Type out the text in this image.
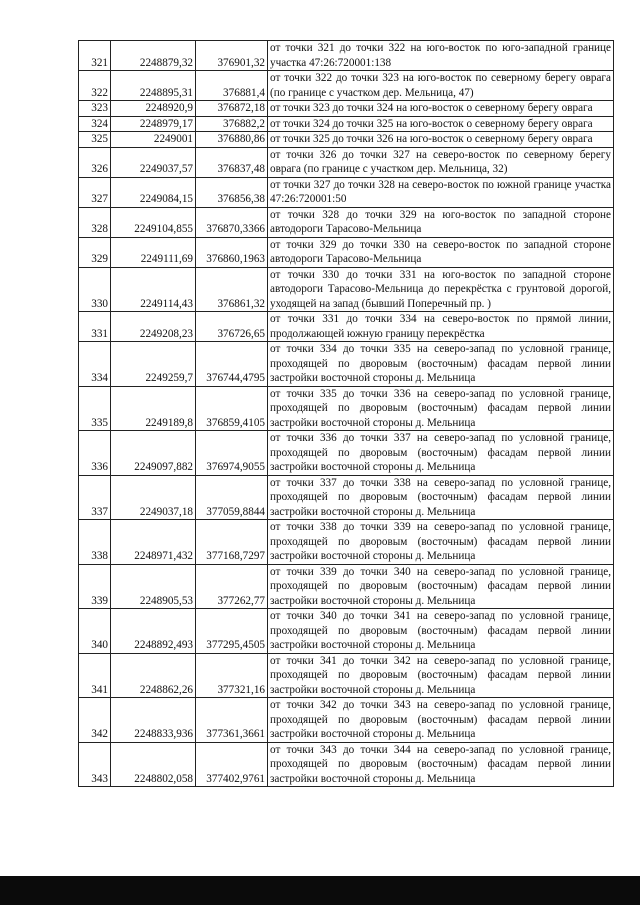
321	2248879,32	376901,32	от точки 321 до точки 322 на юго-восток по юго-западной границе участка 47:26:720001:138
322	2248895,31	376881,4	от точки 322 до точки 323 на юго-восток по северному берегу оврага (по границе с участком дер. Мельница, 47)
323	2248920,9	376872,18	от точки 323 до точки 324 на юго-восток о северному берегу оврага
324	2248979,17	376882,2	от точки 324 до точки 325 на юго-восток о северному берегу оврага
325	2249001	376880,86	от точки 325 до точки 326 на юго-восток о северному берегу оврага
326	2249037,57	376837,48	от точки 326 до точки 327 на северо-восток по северному берегу оврага (по границе с участком дер. Мельница, 32)
327	2249084,15	376856,38	от точки 327 до точки 328 на северо-восток по южной границе участка 47:26:720001:50
328	2249104,855	376870,3366	от точки 328 до точки 329 на юго-восток по западной стороне автодороги Тарасово-Мельница
329	2249111,69	376860,1963	от точки 329 до точки 330 на северо-восток по западной стороне автодороги Тарасово-Мельница
330	2249114,43	376861,32	от точки 330 до точки 331 на юго-восток по западной стороне автодороги Тарасово-Мельница до перекрёстка с грунтовой дорогой, уходящей на запад (бывший Поперечный пр. )
331	2249208,23	376726,65	от точки 331 до точки 334 на северо-восток по прямой линии, продолжающей южную границу перекрёстка
334	2249259,7	376744,4795	от точки 334 до точки 335 на северо-запад по условной границе, проходящей по дворовым (восточным) фасадам первой линии застройки восточной стороны д. Мельница
335	2249189,8	376859,4105	от точки 335 до точки 336 на северо-запад по условной границе, проходящей по дворовым (восточным) фасадам первой линии застройки восточной стороны д. Мельница
336	2249097,882	376974,9055	от точки 336 до точки 337 на северо-запад по условной границе, проходящей по дворовым (восточным) фасадам первой линии застройки восточной стороны д. Мельница
337	2249037,18	377059,8844	от точки 337 до точки 338 на северо-запад по условной границе, проходящей по дворовым (восточным) фасадам первой линии застройки восточной стороны д. Мельница
338	2248971,432	377168,7297	от точки 338 до точки 339 на северо-запад по условной границе, проходящей по дворовым (восточным) фасадам первой линии застройки восточной стороны д. Мельница
339	2248905,53	377262,77	от точки 339 до точки 340 на северо-запад по условной границе, проходящей по дворовым (восточным) фасадам первой линии застройки восточной стороны д. Мельница
340	2248892,493	377295,4505	от точки 340 до точки 341 на северо-запад по условной границе, проходящей по дворовым (восточным) фасадам первой линии застройки восточной стороны д. Мельница
341	2248862,26	377321,16	от точки 341 до точки 342 на северо-запад по условной границе, проходящей по дворовым (восточным) фасадам первой линии застройки восточной стороны д. Мельница
342	2248833,936	377361,3661	от точки 342 до точки 343 на северо-запад по условной границе, проходящей по дворовым (восточным) фасадам первой линии застройки восточной стороны д. Мельница
343	2248802,058	377402,9761	от точки 343 до точки 344 на северо-запад по условной границе, проходящей по дворовым (восточным) фасадам первой линии застройки восточной стороны д. Мельница
